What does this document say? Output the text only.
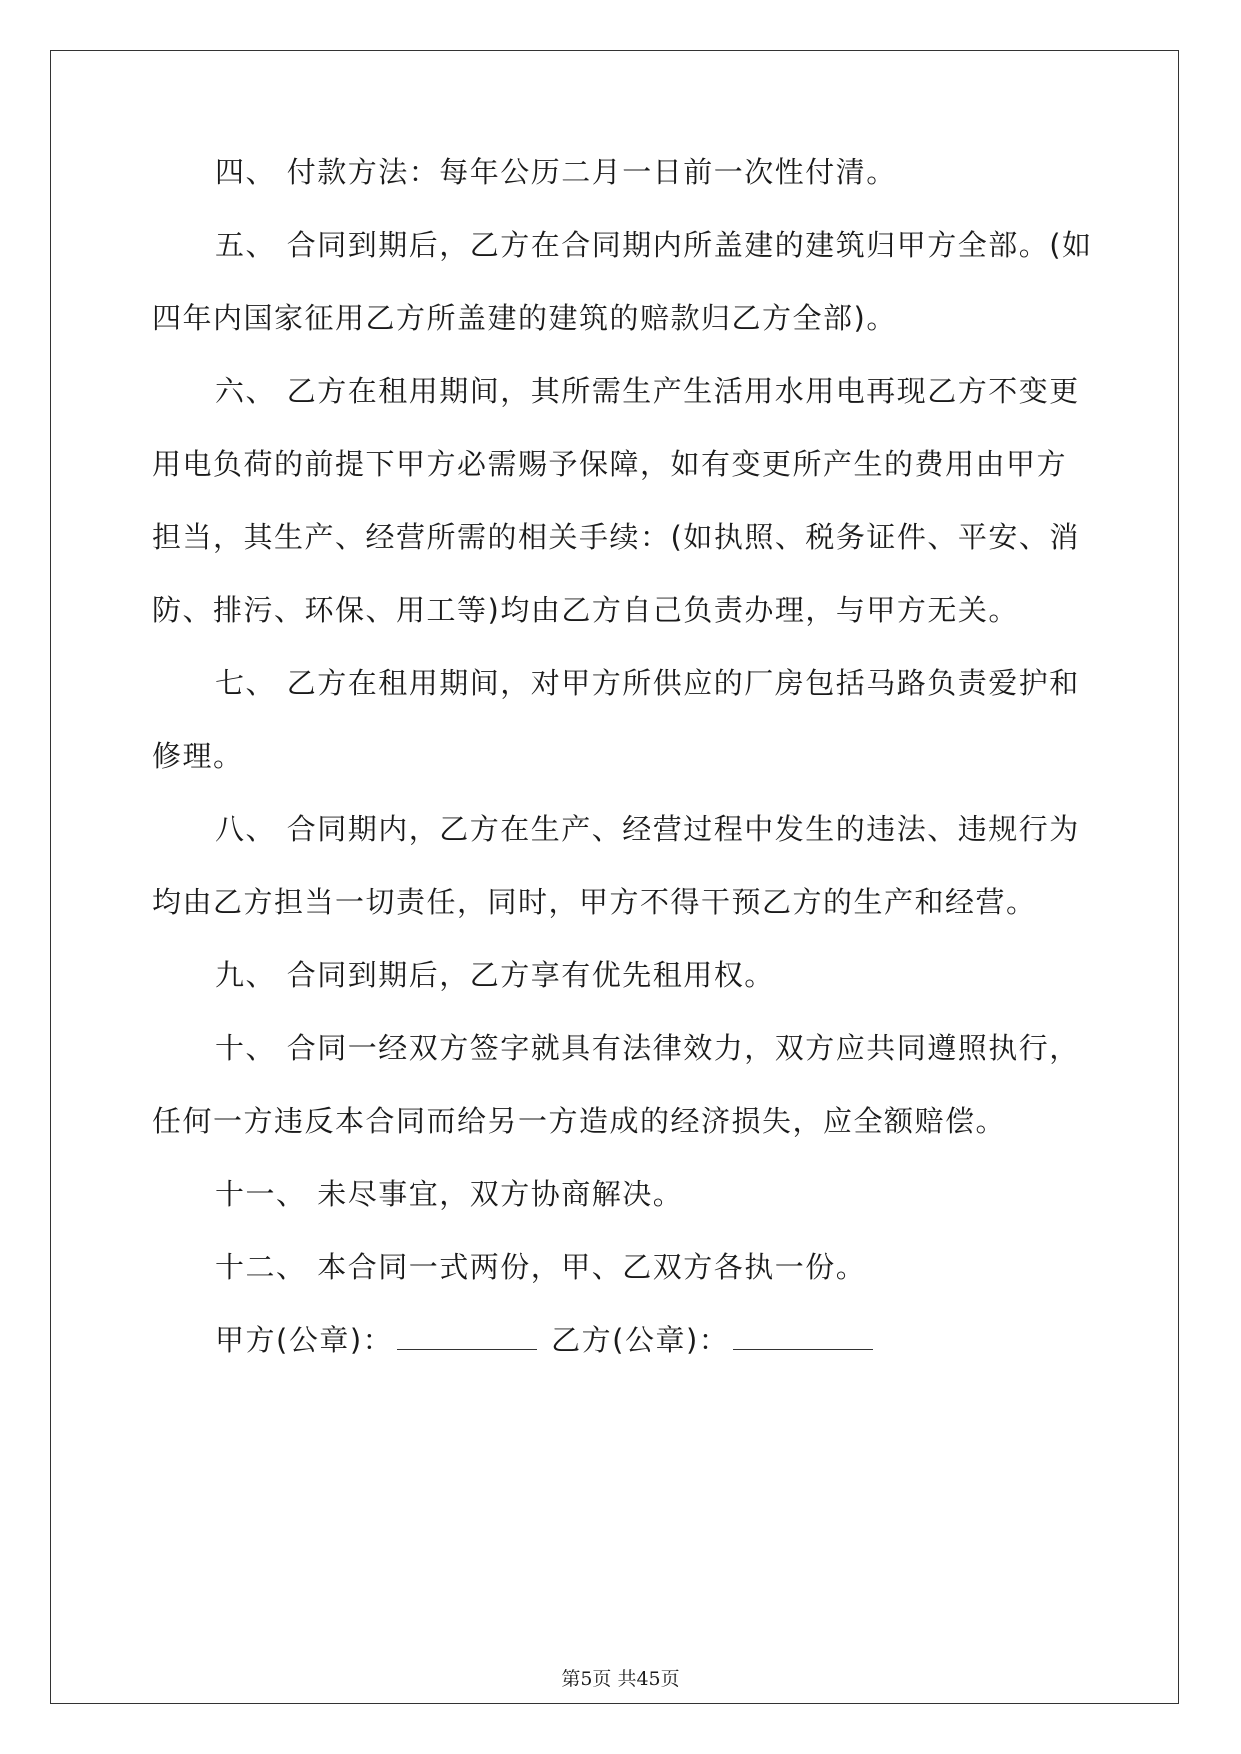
四、 付款方法：每年公历二月一日前一次性付清。
五、 合同到期后，乙方在合同期内所盖建的建筑归甲方全部。(如
四年内国家征用乙方所盖建的建筑的赔款归乙方全部)。
六、 乙方在租用期间，其所需生产生活用水用电再现乙方不变更
用电负荷的前提下甲方必需赐予保障，如有变更所产生的费用由甲方
担当，其生产、经营所需的相关手续：(如执照、税务证件、平安、消
防、排污、环保、用工等)均由乙方自己负责办理，与甲方无关。
七、 乙方在租用期间，对甲方所供应的厂房包括马路负责爱护和
修理。
八、 合同期内，乙方在生产、经营过程中发生的违法、违规行为
均由乙方担当一切责任，同时，甲方不得干预乙方的生产和经营。
九、 合同到期后，乙方享有优先租用权。
十、 合同一经双方签字就具有法律效力，双方应共同遵照执行，
任何一方违反本合同而给另一方造成的经济损失，应全额赔偿。
十一、 未尽事宜，双方协商解决。
十二、 本合同一式两份，甲、乙双方各执一份。
甲方(公章)：	乙方(公章)：
第5页 共45页
